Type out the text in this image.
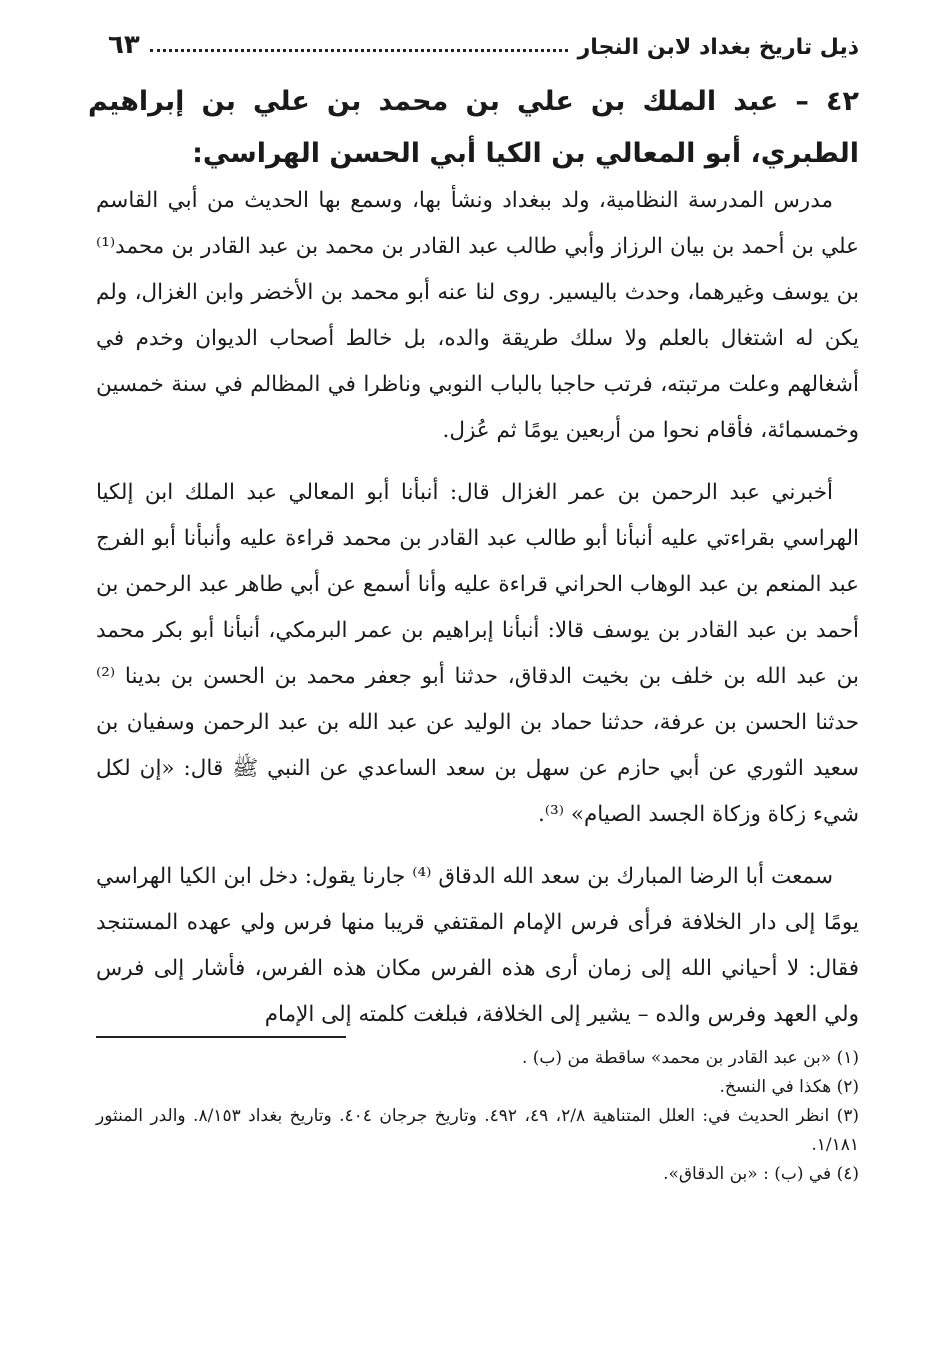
ذيل تاريخ بغداد لابن النجار
٦٣
٤٢ – عبد الملك بن علي بن محمد بن علي بن إبراهيم الطبري، أبو المعالي بن الكيا أبي الحسن الهراسي:

مدرس المدرسة النظامية، ولد ببغداد ونشأ بها، وسمع بها الحديث من أبي القاسم علي بن أحمد بن بيان الرزاز وأبي طالب عبد القادر بن محمد بن عبد القادر بن محمد⁽¹⁾ بن يوسف وغيرهما، وحدث باليسير. روى لنا عنه أبو محمد بن الأخضر وابن الغزال، ولم يكن له اشتغال بالعلم ولا سلك طريقة والده، بل خالط أصحاب الديوان وخدم في أشغالهم وعلت مرتبته، فرتب حاجبا بالباب النوبي وناظرا في المظالم في سنة خمسين وخمسمائة، فأقام نحوا من أربعين يومًا ثم عُزل.

أخبرني عبد الرحمن بن عمر الغزال قال: أنبأنا أبو المعالي عبد الملك ابن إلكيا الهراسي بقراءتي عليه أنبأنا أبو طالب عبد القادر بن محمد قراءة عليه وأنبأنا أبو الفرج عبد المنعم بن عبد الوهاب الحراني قراءة عليه وأنا أسمع عن أبي طاهر عبد الرحمن بن أحمد بن عبد القادر بن يوسف قالا: أنبأنا إبراهيم بن عمر البرمكي، أنبأنا أبو بكر محمد بن عبد الله بن خلف بن بخيت الدقاق، حدثنا أبو جعفر محمد بن الحسن بن بدينا ⁽²⁾ حدثنا الحسن بن عرفة، حدثنا حماد بن الوليد عن عبد الله بن عبد الرحمن وسفيان بن سعيد الثوري عن أبي حازم عن سهل بن سعد الساعدي عن النبي ﷺ قال: «إن لكل شيء زكاة وزكاة الجسد الصيام» ⁽³⁾.

سمعت أبا الرضا المبارك بن سعد الله الدقاق ⁽⁴⁾ جارنا يقول: دخل ابن الكيا الهراسي يومًا إلى دار الخلافة فرأى فرس الإمام المقتفي قريبا منها فرس ولي عهده المستنجد فقال: لا أحياني الله إلى زمان أرى هذه الفرس مكان هذه الفرس، فأشار إلى فرس ولي العهد وفرس والده – يشير إلى الخلافة، فبلغت كلمته إلى الإمام

(١) «بن عبد القادر بن محمد» ساقطة من (ب) .
(٢) هكذا في النسخ.
(٣) انظر الحديث في: العلل المتناهية ٢/٨، ٤٩، ٤٩٢. وتاريخ جرجان ٤٠٤. وتاريخ بغداد ٨/١٥٣. والدر المنثور ١/١٨١.
(٤) في (ب) : «بن الدقاق».
